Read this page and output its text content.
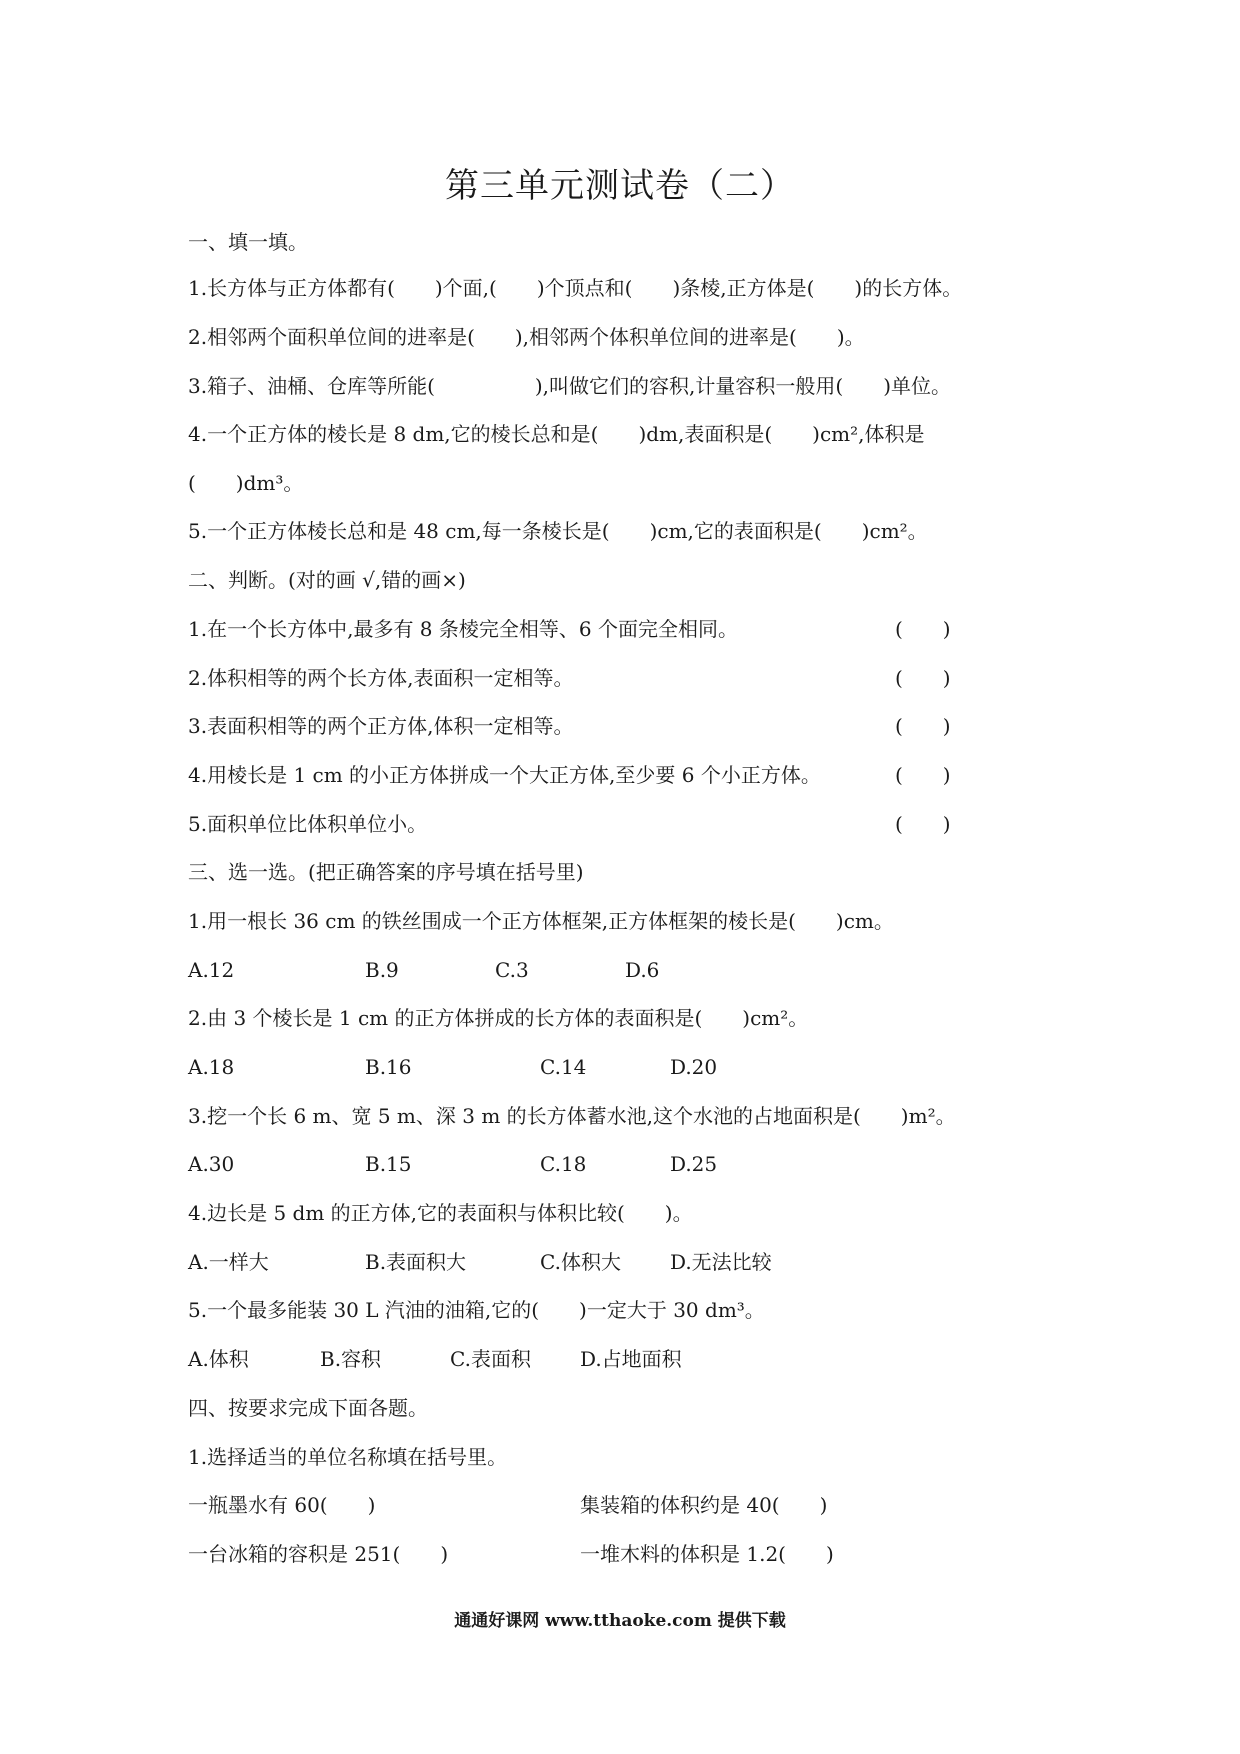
第三单元测试卷（二）
一、填一填。
1.长方体与正方体都有(　　)个面,(　　)个顶点和(　　)条棱,正方体是(　　)的长方体。
2.相邻两个面积单位间的进率是(　　),相邻两个体积单位间的进率是(　　)。
3.箱子、油桶、仓库等所能(　　　　　),叫做它们的容积,计量容积一般用(　　)单位。
4.一个正方体的棱长是 8 dm,它的棱长总和是(　　)dm,表面积是(　　)cm²,体积是
(　　)dm³。
5.一个正方体棱长总和是 48 cm,每一条棱长是(　　)cm,它的表面积是(　　)cm²。
二、判断。(对的画 √,错的画×)
1.在一个长方体中,最多有 8 条棱完全相等、6 个面完全相同。	(　　)
2.体积相等的两个长方体,表面积一定相等。	(　　)
3.表面积相等的两个正方体,体积一定相等。	(　　)
4.用棱长是 1 cm 的小正方体拼成一个大正方体,至少要 6 个小正方体。	(　　)
5.面积单位比体积单位小。	(　　)
三、选一选。(把正确答案的序号填在括号里)
1.用一根长 36 cm 的铁丝围成一个正方体框架,正方体框架的棱长是(　　)cm。
A.12	B.9	C.3	D.6
2.由 3 个棱长是 1 cm 的正方体拼成的长方体的表面积是(　　)cm²。
A.18	B.16	C.14	D.20
3.挖一个长 6 m、宽 5 m、深 3 m 的长方体蓄水池,这个水池的占地面积是(　　)m²。
A.30	B.15	C.18	D.25
4.边长是 5 dm 的正方体,它的表面积与体积比较(　　)。
A.一样大	B.表面积大	C.体积大 D.无法比较
5.一个最多能装 30 L 汽油的油箱,它的(　　)一定大于 30 dm³。
A.体积	B.容积	C.表面积 D.占地面积
四、按要求完成下面各题。
1.选择适当的单位名称填在括号里。
一瓶墨水有 60(　　)	集装箱的体积约是 40(　　)
一台冰箱的容积是 251(　　)	一堆木料的体积是 1.2(　　)
通通好课网 www.tthaoke.com 提供下载
